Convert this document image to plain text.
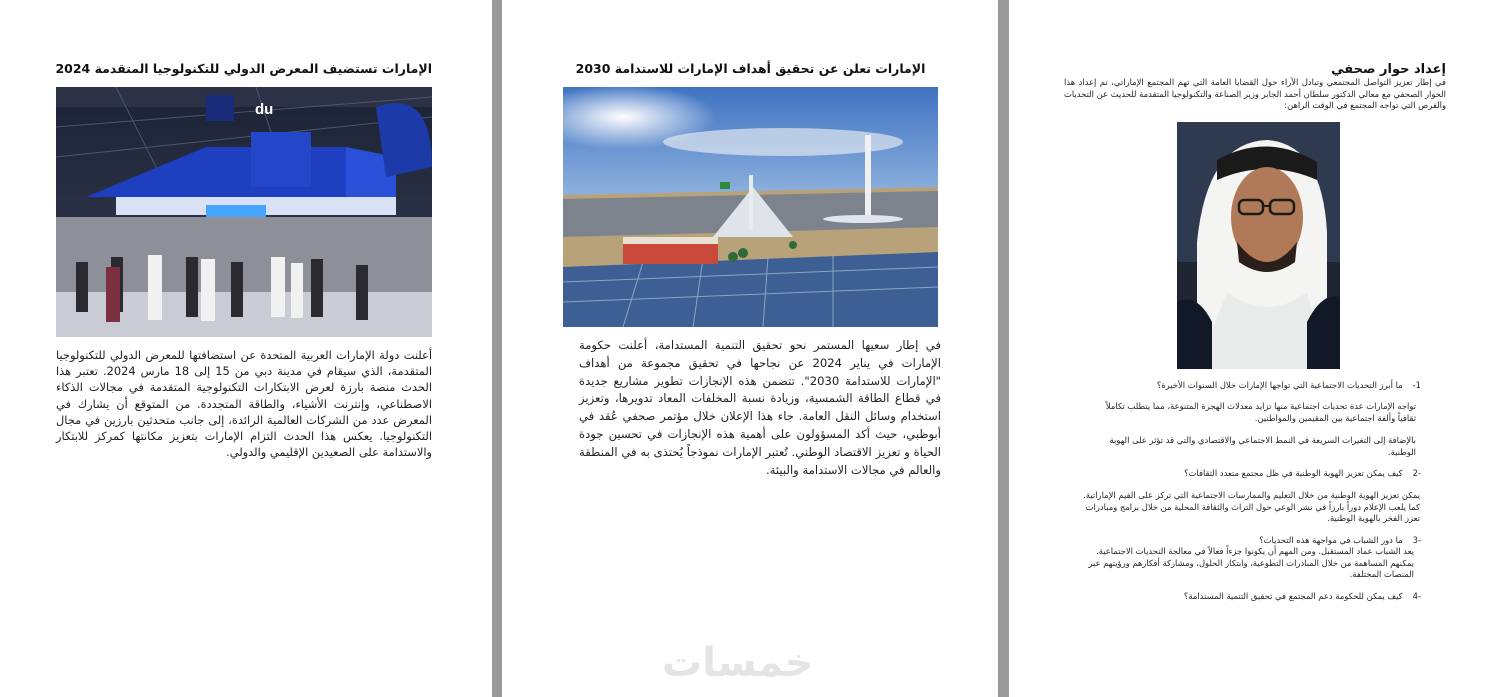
الإمارات تستضيف المعرض الدولي للتكنولوجيا المتقدمة 2024
du
أعلنت دولة الإمارات العربية المتحدة عن استضافتها للمعرض الدولي للتكنولوجيا المتقدمة، الذي سيقام في مدينة دبي من 15 إلى 18 مارس 2024. تعتبر هذا الحدث منصة بارزة لعرض الابتكارات التكنولوجية المتقدمة في مجالات الذكاء الاصطناعي، وإنترنت الأشياء، والطاقة المتجددة. من المتوقع أن يشارك في المعرض عدد من الشركات العالمية الرائدة، إلى جانب متحدثين بارزين في مجال التكنولوجيا. يعكس هذا الحدث التزام الإمارات بتعزيز مكانتها كمركز للابتكار والاستدامة على الصعيدين الإقليمي والدولي.
الإمارات تعلن عن تحقيق أهداف الإمارات للاستدامة 2030
في إطار سعيها المستمر نحو تحقيق التنمية المستدامة، أعلنت حكومة الإمارات في يناير 2024 عن نجاحها في تحقيق مجموعة من أهداف "الإمارات للاستدامة 2030". تتضمن هذه الإنجازات تطوير مشاريع جديدة في قطاع الطاقة الشمسية، وزيادة نسبة المخلفات المعاد تدويرها، وتعزيز استخدام وسائل النقل العامة. جاء هذا الإعلان خلال مؤتمر صحفي عُقد في أبوظبي، حيث أكد المسؤولون على أهمية هذه الإنجازات في تحسين جودة الحياة و تعزيز الاقتصاد الوطني. تُعتبر الإمارات نموذجاً يُحتذى به في المنطقة والعالم في مجالات الاستدامة والبيئة.
خمسات
إعداد حوار صحفي
في إطار تعزيز التواصل المجتمعي وتبادل الآراء حول القضايا العامة التي تهم المجتمع الإماراتي، تم إعداد هذا الحوار الصحفي مع معالي الدكتور سلطان أحمد الجابر وزير الصناعة والتكنولوجيا المتقدمة للحديث عن التحديات والفرص التي تواجه المجتمع في الوقت الراهن:
1-ما أبرز التحديات الاجتماعية التي تواجها الإمارات خلال السنوات الأخيرة؟
تواجه الإمارات عدة تحديات اجتماعية منها تزايد معدلات الهجرة المتنوعة، مما يتطلب تكاملاً ثقافياً وألفة اجتماعية بين المقيمين والمواطنين.
بالإضافة إلى التغيرات السريعة في النمط الاجتماعي والاقتصادي والتي قد تؤثر على الهوية الوطنية.
-2كيف يمكن تعزيز الهوية الوطنية في ظل مجتمع متعدد الثقافات؟
يمكن تعزيز الهوية الوطنية من خلال التعليم والممارسات الاجتماعية التي تركز على القيم الإماراتية. كما يلعب الإعلام دوراً بارزاً في نشر الوعي حول التراث والثقافة المحلية من خلال برامج ومبادرات تعزز الفخر بالهوية الوطنية.
-3ما دور الشباب في مواجهة هذه التحديات؟
يعد الشباب عماد المستقبل. ومن المهم أن يكونوا جزءاً فعالاً في معالجة التحديات الاجتماعية. يمكنهم المساهمة من خلال المبادرات التطوعية، وابتكار الحلول، ومشاركة أفكارهم ورؤيتهم عبر المنصات المختلفة.
-4كيف يمكن للحكومة دعم المجتمع في تحقيق التنمية المستدامة؟
